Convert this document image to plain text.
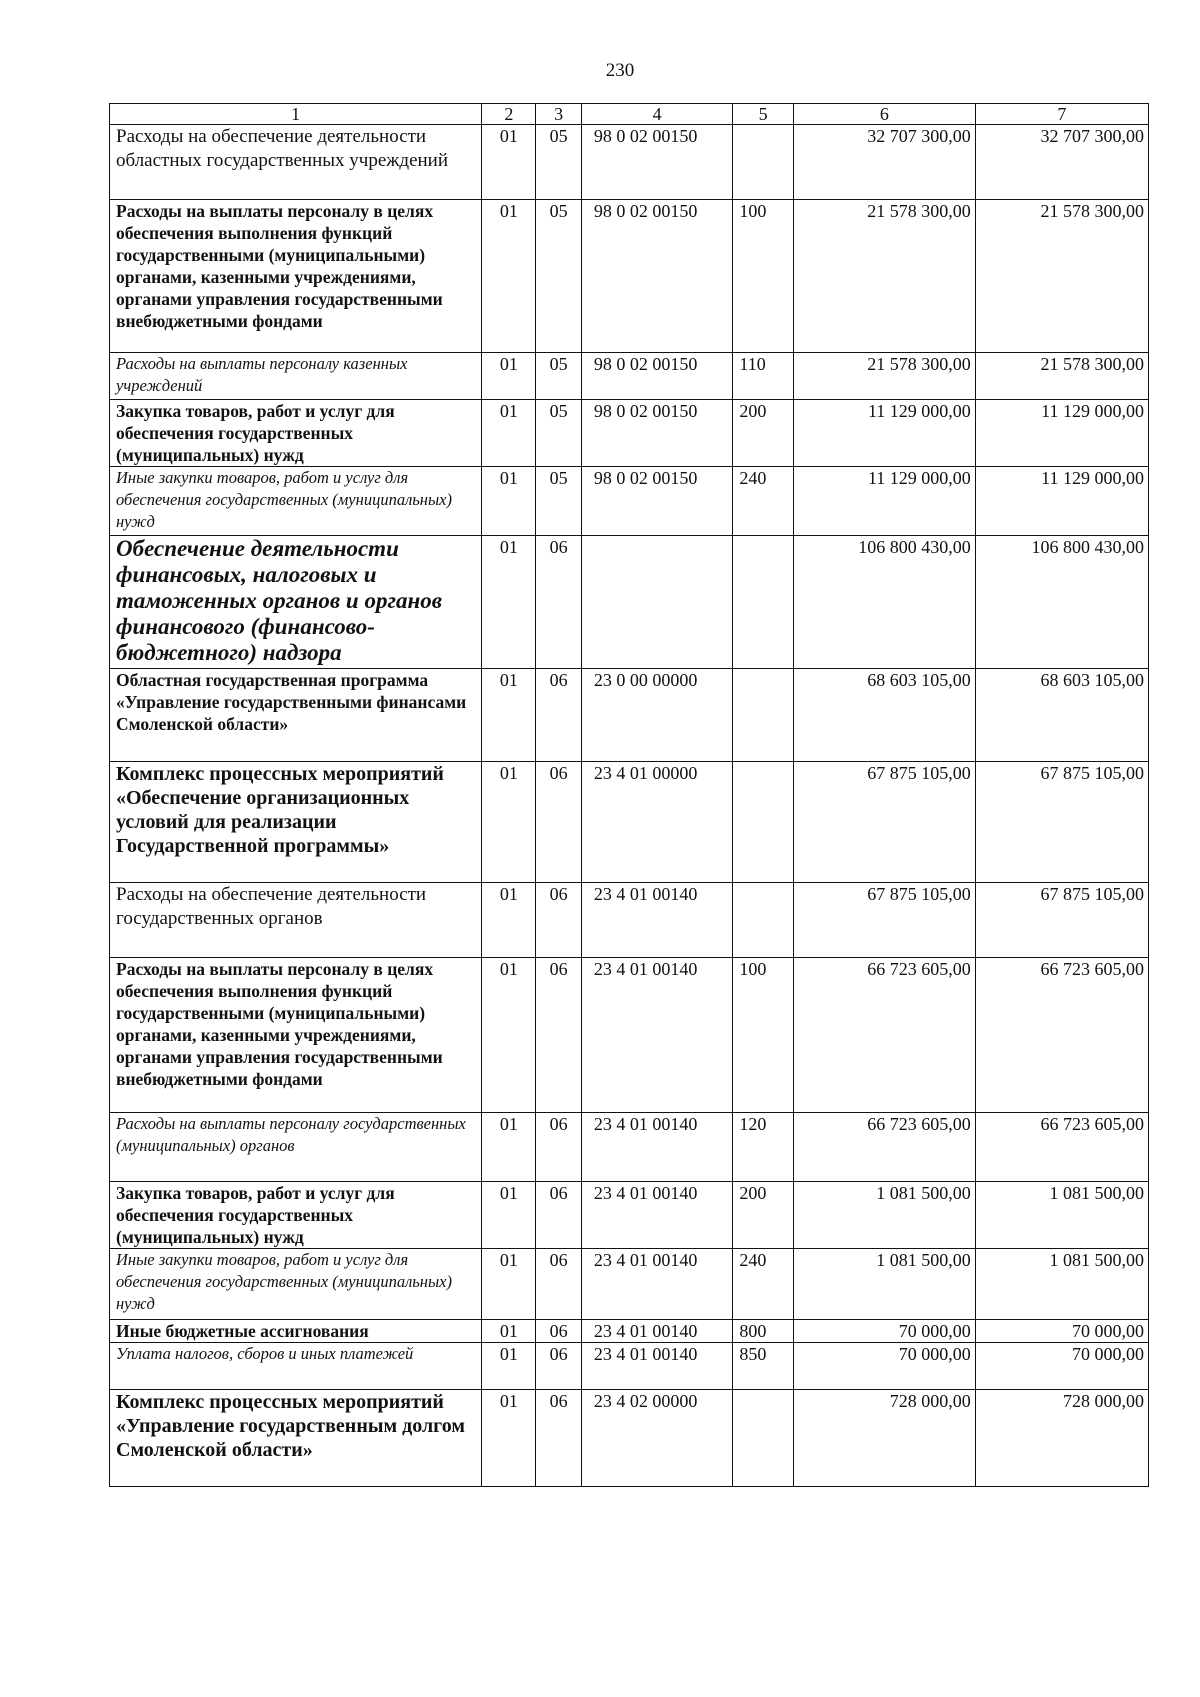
230
1	2	3	4	5	6	7
Расходы на обеспечение деятельности областных государственных учреждений	01	05	98 0 02 00150		32 707 300,00	32 707 300,00
Расходы на выплаты персоналу в целях обеспечения выполнения функций государственными (муниципальными) органами, казенными учреждениями, органами управления государственными внебюджетными фондами	01	05	98 0 02 00150	100	21 578 300,00	21 578 300,00
Расходы на выплаты персоналу казенных учреждений	01	05	98 0 02 00150	110	21 578 300,00	21 578 300,00
Закупка товаров, работ и услуг для обеспечения государственных (муниципальных) нужд	01	05	98 0 02 00150	200	11 129 000,00	11 129 000,00
Иные закупки товаров, работ и услуг для обеспечения государственных (муниципальных) нужд	01	05	98 0 02 00150	240	11 129 000,00	11 129 000,00
Обеспечение деятельности финансовых, налоговых и таможенных органов и органов финансового (финансово-бюджетного) надзора	01	06			106 800 430,00	106 800 430,00
Областная государственная программа «Управление государственными финансами Смоленской области»	01	06	23 0 00 00000		68 603 105,00	68 603 105,00
Комплекс процессных мероприятий «Обеспечение организационных условий для реализации Государственной программы»	01	06	23 4 01 00000		67 875 105,00	67 875 105,00
Расходы на обеспечение деятельности государственных органов	01	06	23 4 01 00140		67 875 105,00	67 875 105,00
Расходы на выплаты персоналу в целях обеспечения выполнения функций государственными (муниципальными) органами, казенными учреждениями, органами управления государственными внебюджетными фондами	01	06	23 4 01 00140	100	66 723 605,00	66 723 605,00
Расходы на выплаты персоналу государственных (муниципальных) органов	01	06	23 4 01 00140	120	66 723 605,00	66 723 605,00
Закупка товаров, работ и услуг для обеспечения государственных (муниципальных) нужд	01	06	23 4 01 00140	200	1 081 500,00	1 081 500,00
Иные закупки товаров, работ и услуг для обеспечения государственных (муниципальных) нужд	01	06	23 4 01 00140	240	1 081 500,00	1 081 500,00
Иные бюджетные ассигнования	01	06	23 4 01 00140	800	70 000,00	70 000,00
Уплата налогов, сборов и иных платежей	01	06	23 4 01 00140	850	70 000,00	70 000,00
Комплекс процессных мероприятий «Управление государственным долгом Смоленской области»	01	06	23 4 02 00000		728 000,00	728 000,00
